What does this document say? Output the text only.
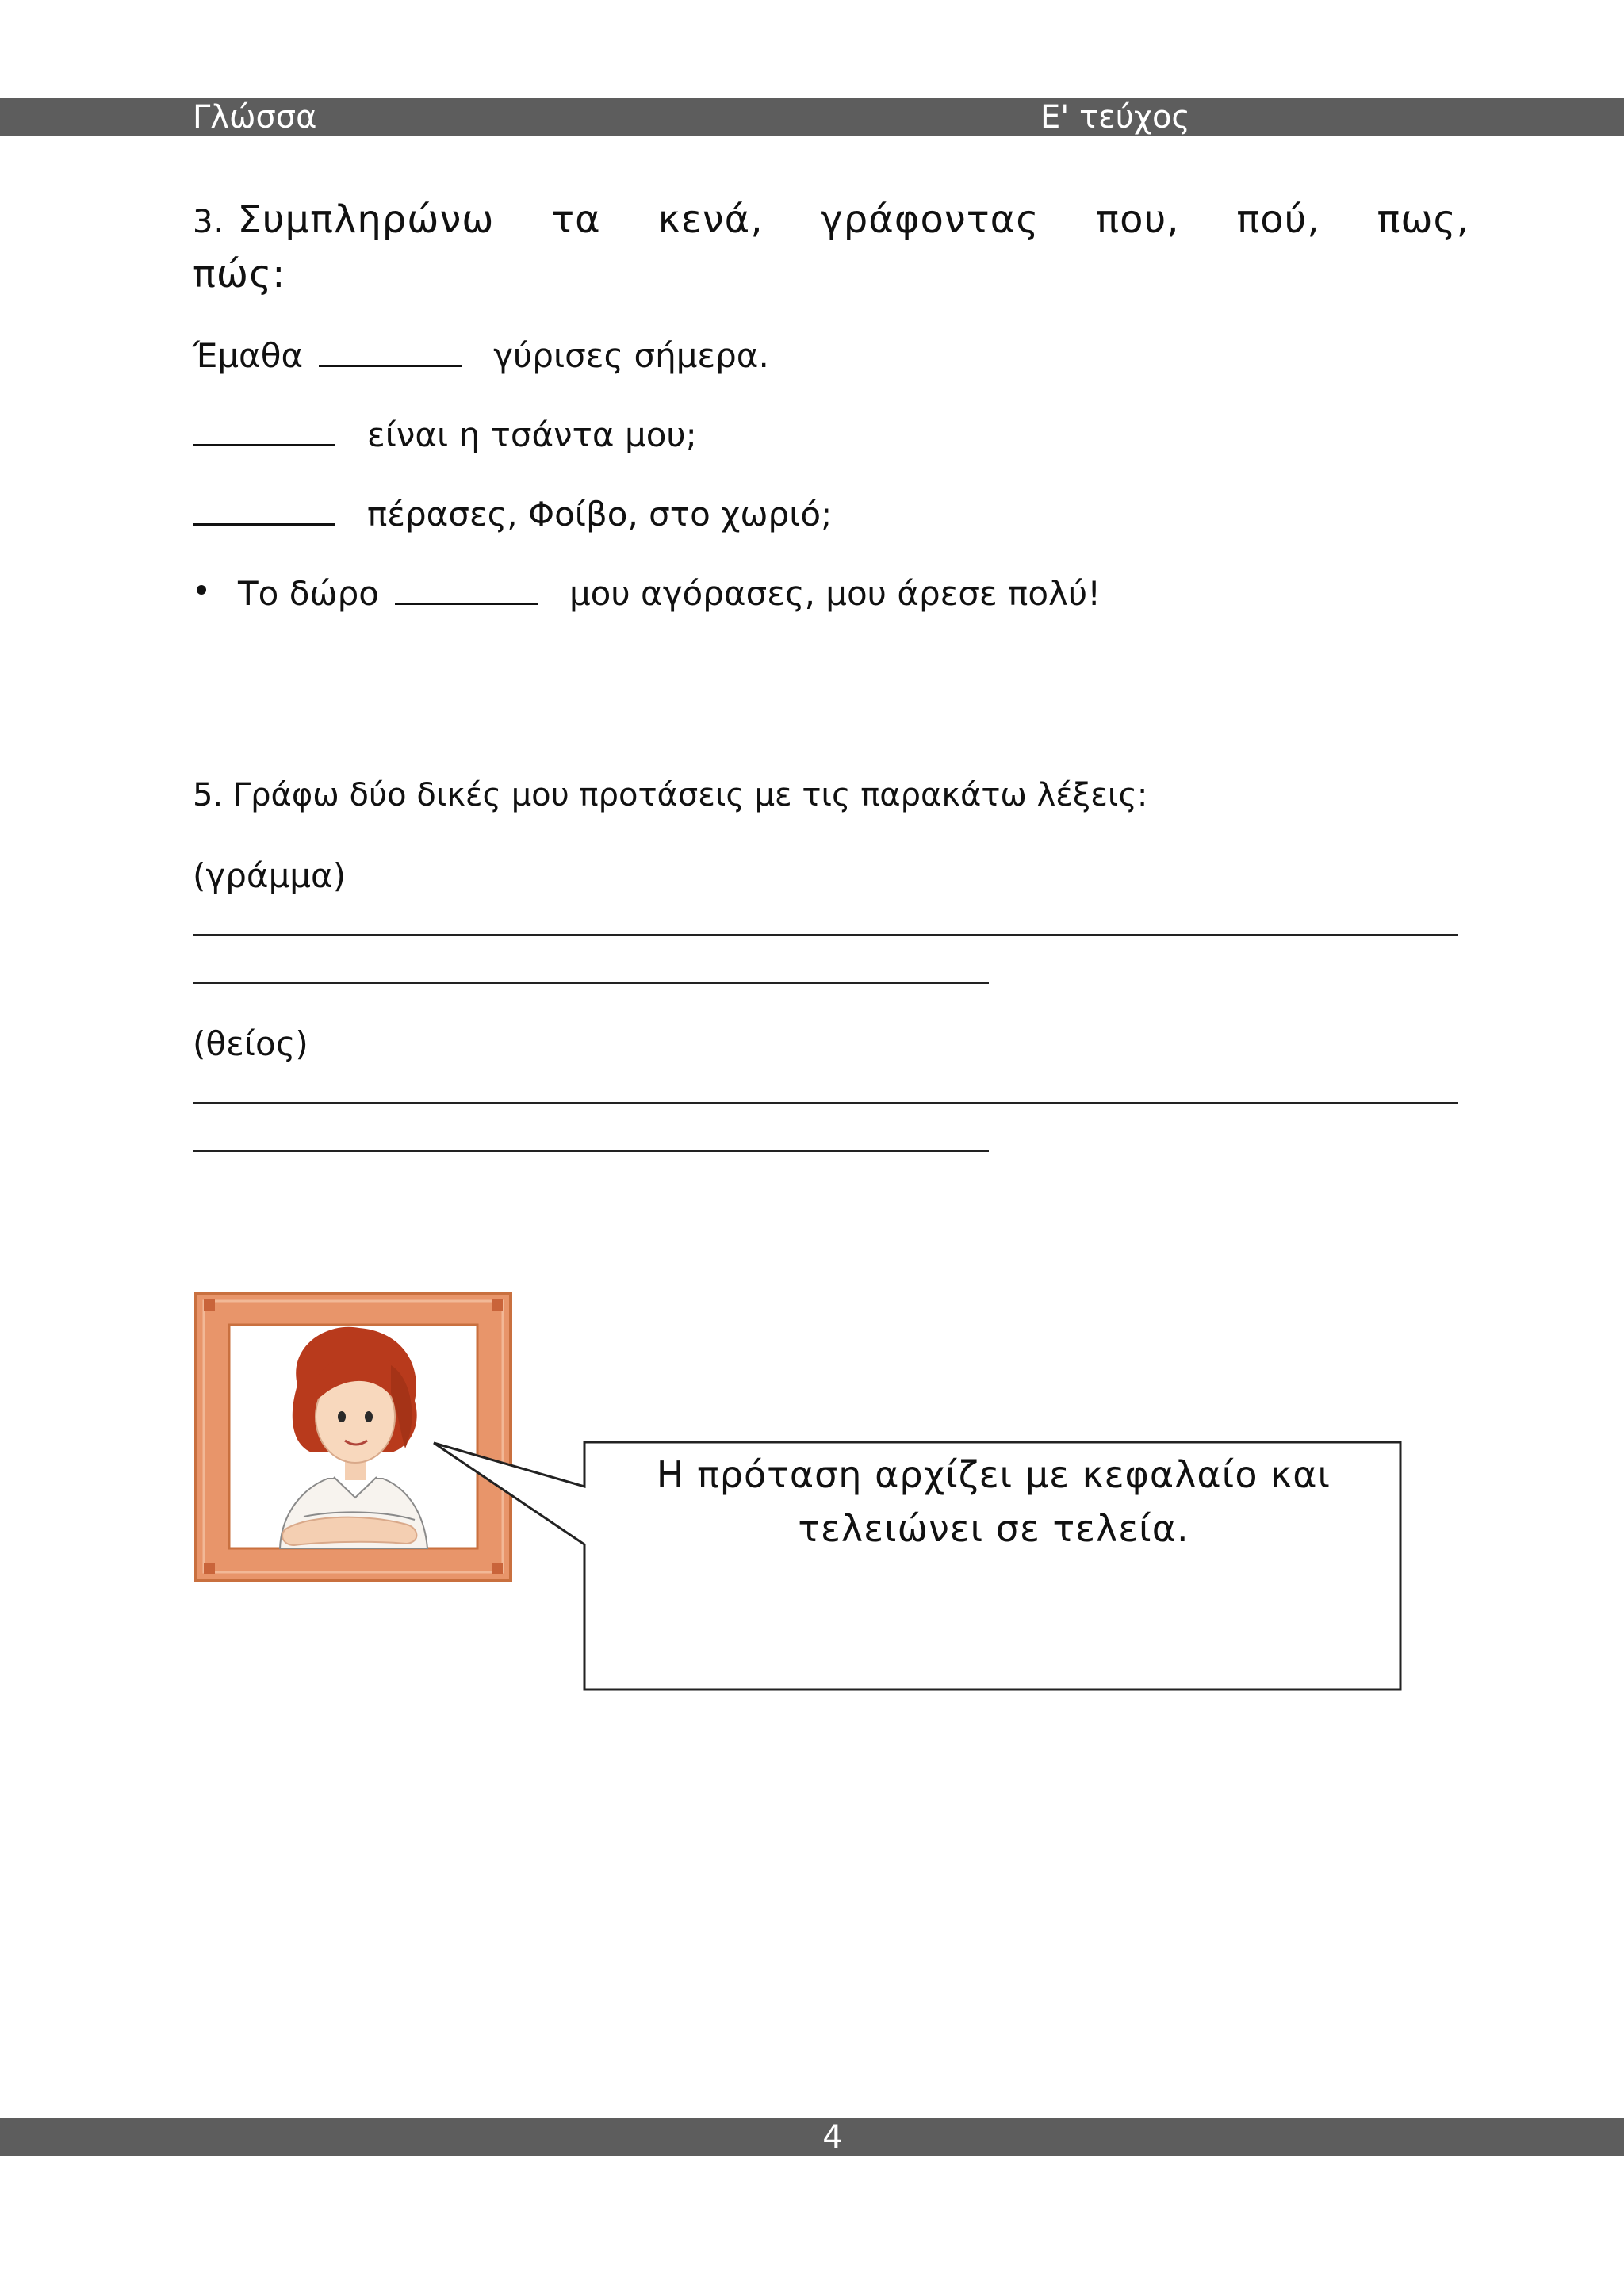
Γλώσσα	Ε' τεύχος
3. Συμπληρώνω τα κενά, γράφοντας που, πού, πως,
πώς:
Έμαθα	γύρισες σήμερα.
είναι η τσάντα μου;
πέρασες, Φοίβο, στο χωριό;
Το δώρο	μου αγόρασες, μου άρεσε πολύ!
5. Γράφω δύο δικές μου προτάσεις με τις παρακάτω λέξεις:
(γράμμα)
(θείος)
Η πρόταση αρχίζει με κεφαλαίο και
τελειώνει σε τελεία.
4
